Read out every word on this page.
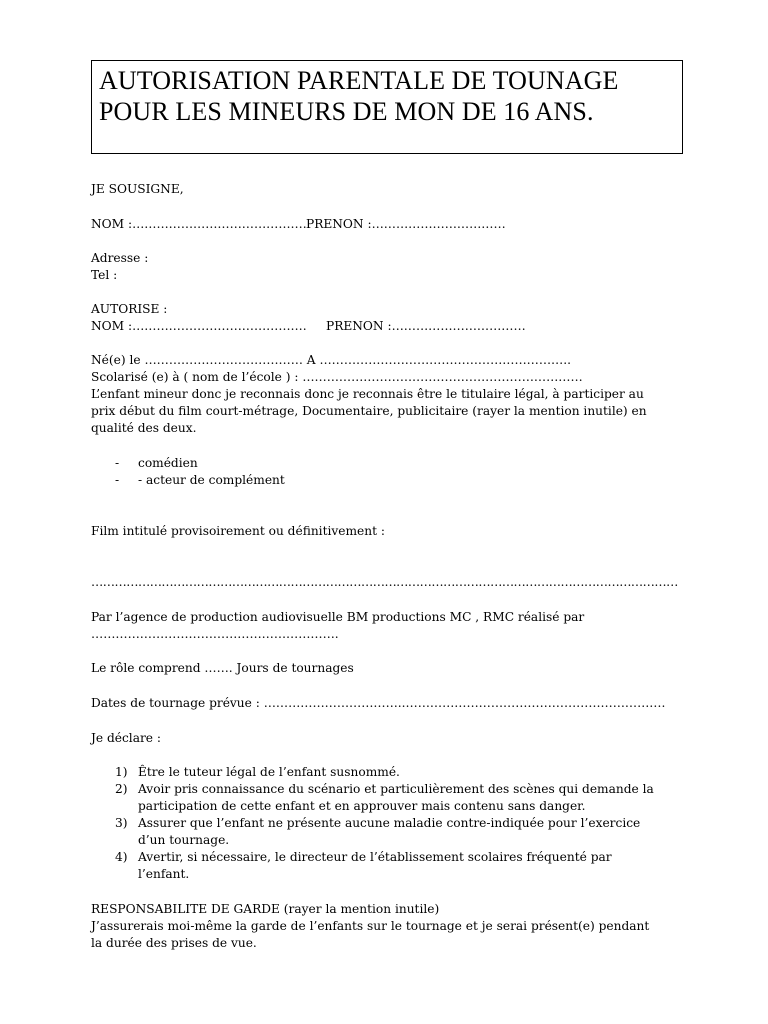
AUTORISATION PARENTALE DE TOUNAGE
POUR LES MINEURS DE MON DE 16 ANS.
JE SOUSIGNE,
NOM :……………………………………. PRENON :……………………………
Adresse :
Tel :
AUTORISE :
NOM :……………………………………. PRENON :……………………………
Né(e) le ………………………………… A ……………………………………………………..
Scolarisé (e) à ( nom de l’école ) : ……………………………………………………………
L’enfant mineur donc je reconnais donc je reconnais être le titulaire légal, à participer au
prix début du film court-métrage, Documentaire, publicitaire (rayer la mention inutile) en
qualité des deux.
- comédien
- - acteur de complément
Film intitulé provisoirement ou définitivement :
……………………………………………………………………………………………………………………………………
Par l’agence de production audiovisuelle BM productions MC , RMC réalisé par
…………………………………………………….
Le rôle comprend ……. Jours de tournages
Dates de tournage prévue : ……………………………..……………………………………………………….
Je déclare :
1) Être le tuteur légal de l’enfant susnommé.
2) Avoir pris connaissance du scénario et particulièrement des scènes qui demande la
participation de cette enfant et en approuver mais contenu sans danger.
3) Assurer que l’enfant ne présente aucune maladie contre-indiquée pour l’exercice
d’un tournage.
4) Avertir, si nécessaire, le directeur de l’établissement scolaires fréquenté par
l’enfant.
RESPONSABILITE DE GARDE (rayer la mention inutile)
J’assurerais moi-même la garde de l’enfants sur le tournage et je serai présent(e) pendant
la durée des prises de vue.
